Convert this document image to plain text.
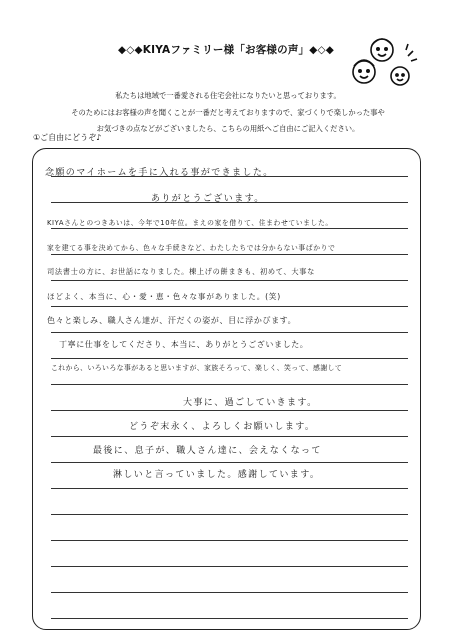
◆◇◆KIYAファミリー様「お客様の声」◆◇◆
私たちは地域で一番愛される住宅会社になりたいと思っております。
そのためにはお客様の声を聞くことが一番だと考えておりますので、家づくりで楽しかった事や
お気づきの点などがございましたら、こちらの用紙へご自由にご記入ください。
①ご自由にどうぞ♪
念願のマイホームを手に入れる事ができました。
ありがとうございます。
KIYAさんとのつきあいは、今年で10年位。まえの家を借りて、住まわせていました。
家を建てる事を決めてから、色々な手続きなど、わたしたちでは分からない事ばかりで
司法書士の方に、お世話になりました。棟上げの餅まきも、初めて、大事な
ほどよく、本当に、心・愛・恵・色々な事がありました。(笑)
色々と楽しみ、職人さん達が、汗だくの姿が、目に浮かびます。
丁寧に仕事をしてくださり、本当に、ありがとうございました。
これから、いろいろな事があると思いますが、家族そろって、楽しく、笑って、感謝して
大事に、過ごしていきます。
どうぞ末永く、よろしくお願いします。
最後に、息子が、職人さん達に、会えなくなって
淋しいと言っていました。感謝しています。
